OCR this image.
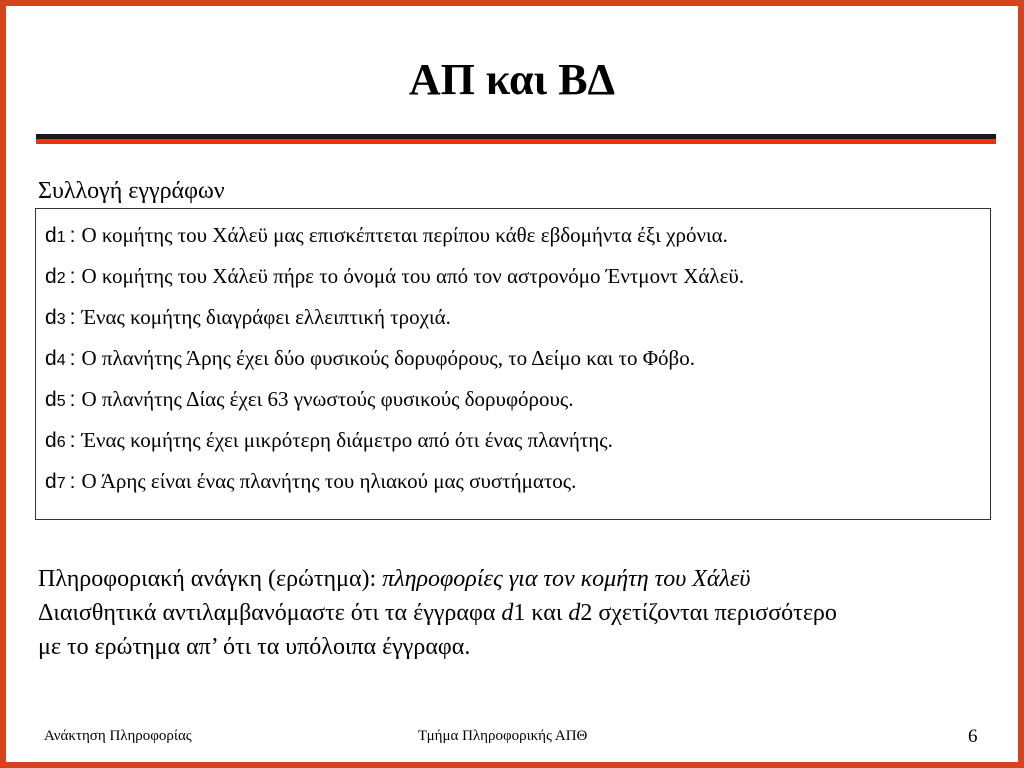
ΑΠ και ΒΔ
Συλλογή εγγράφων
d1 : Ο κομήτης του Χάλεϋ μας επισκέπτεται περίπου κάθε εβδομήντα έξι χρόνια.
d2 : Ο κομήτης του Χάλεϋ πήρε το όνομά του από τον αστρονόμο Έντμοντ Χάλεϋ.
d3 : Ένας κομήτης διαγράφει ελλειπτική τροχιά.
d4 : Ο πλανήτης Άρης έχει δύο φυσικούς δορυφόρους, το Δείμο και το Φόβο.
d5 : Ο πλανήτης Δίας έχει 63 γνωστούς φυσικούς δορυφόρους.
d6 : Ένας κομήτης έχει μικρότερη διάμετρο από ότι ένας πλανήτης.
d7 : Ο Άρης είναι ένας πλανήτης του ηλιακού μας συστήματος.

Πληροφοριακή ανάγκη (ερώτημα): πληροφορίες για τον κομήτη του Χάλεϋ

Διαισθητικά αντιλαμβανόμαστε ότι τα έγγραφα d1 και d2 σχετίζονται περισσότερο

με το ερώτημα απ’ ότι τα υπόλοιπα έγγραφα.

Ανάκτηση Πληροφορίας	Τμήμα Πληροφορικής ΑΠΘ	6
